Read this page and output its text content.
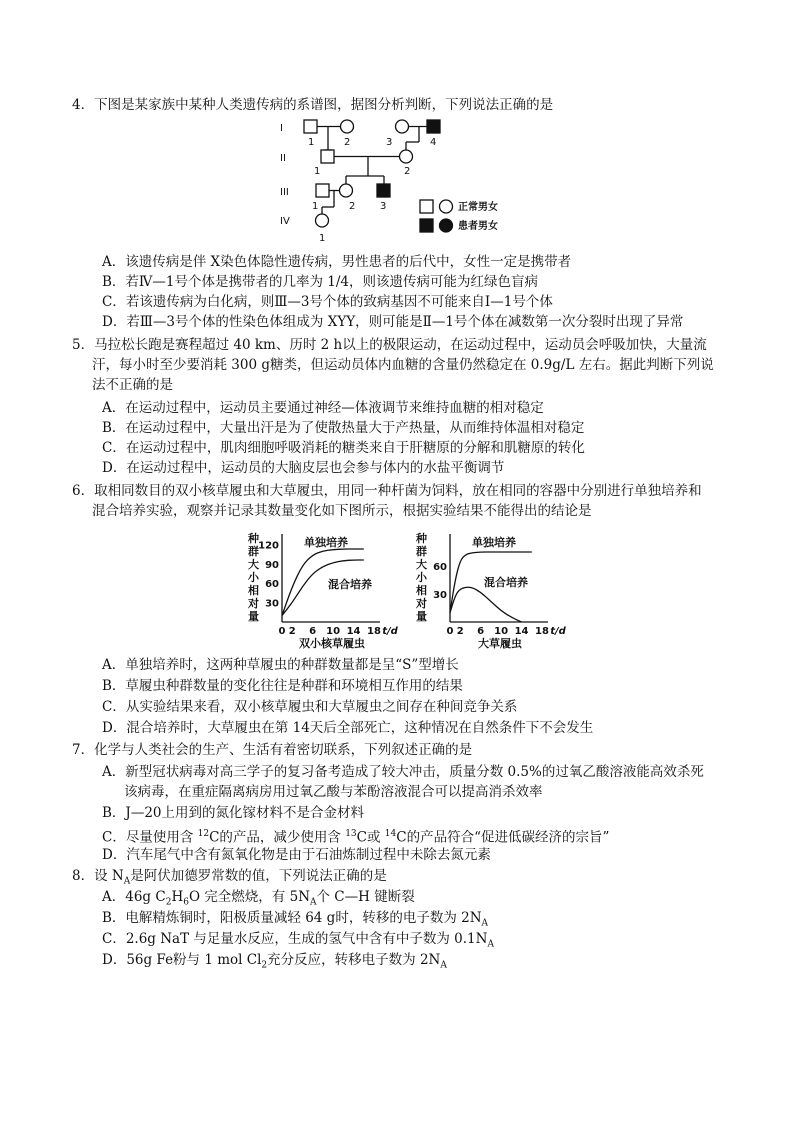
4．下图是某家族中某种人类遗传病的系谱图，据图分析判断，下列说法正确的是
I
II
III
IV
1	2	3	4
1	2
1	2 3
1
正常男女
患者男女
A．该遗传病是伴 X染色体隐性遗传病，男性患者的后代中，女性一定是携带者
B．若Ⅳ—1号个体是携带者的几率为 1/4，则该遗传病可能为红绿色盲病
C．若该遗传病为白化病，则Ⅲ—3号个体的致病基因不可能来自Ⅰ—1号个体
D．若Ⅲ—3号个体的性染色体组成为 XYY，则可能是Ⅱ—1号个体在减数第一次分裂时出现了异常
5．马拉松长跑是赛程超过 40 km、历时 2 h以上的极限运动，在运动过程中，运动员会呼吸加快，大量流
汗，每小时至少要消耗 300 g糖类，但运动员体内血糖的含量仍然稳定在 0.9g/L 左右。据此判断下列说
法不正确的是
A．在运动过程中，运动员主要通过神经—体液调节来维持血糖的相对稳定
B．在运动过程中，大量出汗是为了使散热量大于产热量，从而维持体温相对稳定
C．在运动过程中，肌肉细胞呼吸消耗的糖类来自于肝糖原的分解和肌糖原的转化
D．在运动过程中，运动员的大脑皮层也会参与体内的水盐平衡调节
6．取相同数目的双小核草履虫和大草履虫，用同一种杆菌为饲料，放在相同的容器中分别进行单独培养和
混合培养实验，观察并记录其数量变化如下图所示，根据实验结果不能得出的结论是
种
群
大
小
相
对
量
30
60
90
120
0 2 6 10 14 18 t/d
双小核草履虫
单独培养
混合培养
种
群
大
小
相
对
量
30
60
0 2 6 10 14 18 t/d
大草履虫
单独培养
混合培养
A．单独培养时，这两种草履虫的种群数量都是呈“S”型增长
B．草履虫种群数量的变化往往是种群和环境相互作用的结果
C．从实验结果来看，双小核草履虫和大草履虫之间存在种间竞争关系
D．混合培养时，大草履虫在第 14天后全部死亡，这种情况在自然条件下不会发生
7．化学与人类社会的生产、生活有着密切联系，下列叙述正确的是
A．新型冠状病毒对高三学子的复习备考造成了较大冲击，质量分数 0.5%的过氧乙酸溶液能高效杀死
该病毒，在重症隔离病房用过氧乙酸与苯酚溶液混合可以提高消杀效率
B．J—20上用到的氮化镓材料不是合金材料
C．尽量使用含 $^{12}$C的产品，减少使用含 $^{13}$C或 $^{14}$C的产品符合“促进低碳经济的宗旨”
D．汽车尾气中含有氮氧化物是由于石油炼制过程中未除去氮元素
8．设 $N_A$是阿伏加德罗常数的值，下列说法正确的是
A．46g $C_2H_6O$ 完全燃烧，有 $5N_A$个 C—H 键断裂
B．电解精炼铜时，阳极质量减轻 64 g时，转移的电子数为 $2N_A$
C．2.6g NaT 与足量水反应，生成的氢气中含有中子数为 $0.1N_A$
D．56g Fe粉与 1 mol $Cl_2$充分反应，转移电子数为 $2N_A$
